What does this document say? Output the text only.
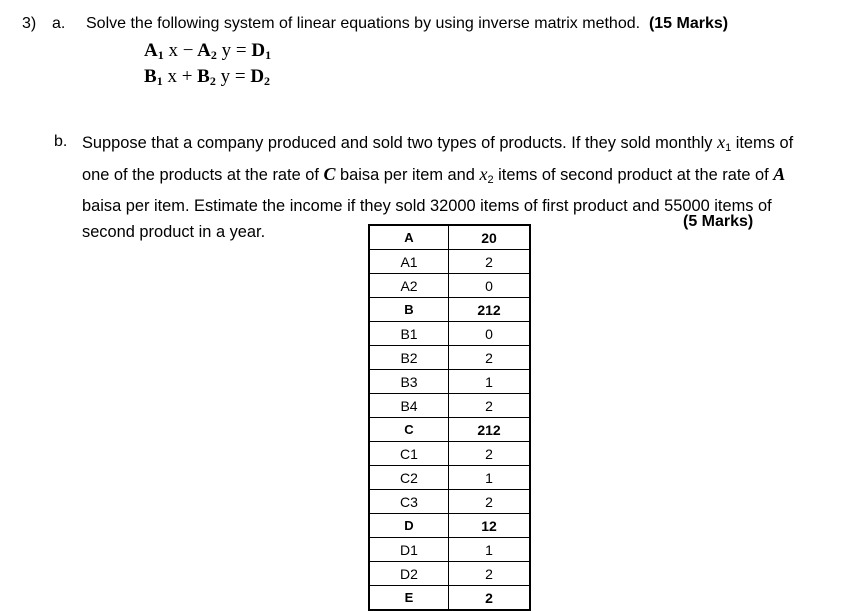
3) a. Solve the following system of linear equations by using inverse matrix method. (15 Marks)
$A_1$ $x - A_2$ $y = D_1$
$B_1$ $x + B_2$ $y = D_2$
b. Suppose that a company produced and sold two types of products. If they sold monthly $x_1$ items of one of the products at the rate of C baisa per item and $x_2$ items of second product at the rate of A baisa per item. Estimate the income if they sold 32000 items of first product and 55000 items of second product in a year.
(5 Marks)
A	20
A1	2
A2	0
B	212
B1	0
B2	2
B3	1
B4	2
C	212
C1	2
C2	1
C3	2
D	12
D1	1
D2	2
E	2
